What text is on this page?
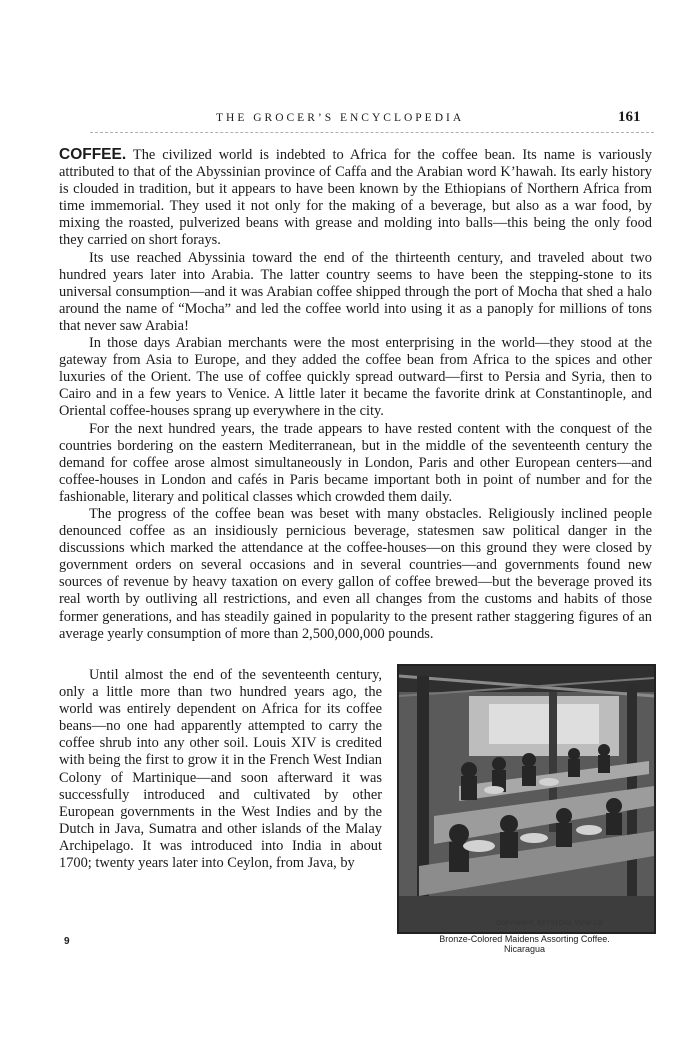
THE GROCER’S ENCYCLOPEDIA	161

COFFEE. The civilized world is indebted to Africa for the coffee bean. Its name is variously attributed to that of the Abyssinian province of Caffa and the Arabian word K’hawah. Its early history is clouded in tradition, but it appears to have been known by the Ethiopians of Northern Africa from time immemorial. They used it not only for the making of a beverage, but also as a war food, by mixing the roasted, pulverized beans with grease and molding into balls—this being the only food they carried on short forays.

Its use reached Abyssinia toward the end of the thirteenth century, and traveled about two hundred years later into Arabia. The latter country seems to have been the stepping-stone to its universal consumption—and it was Arabian coffee shipped through the port of Mocha that shed a halo around the name of “Mocha” and led the coffee world into using it as a panoply for millions of tons that never saw Arabia!

In those days Arabian merchants were the most enterprising in the world—they stood at the gateway from Asia to Europe, and they added the coffee bean from Africa to the spices and other luxuries of the Orient. The use of coffee quickly spread outward—first to Persia and Syria, then to Cairo and in a few years to Venice. A little later it became the favorite drink at Constantinople, and Oriental coffee-houses sprang up everywhere in the city.

For the next hundred years, the trade appears to have rested content with the conquest of the countries bordering on the eastern Mediterranean, but in the middle of the seventeenth century the demand for coffee arose almost simultaneously in London, Paris and other European centers—and coffee-houses in London and cafés in Paris became important both in point of number and for the fashionable, literary and political classes which crowded them daily.

The progress of the coffee bean was beset with many obstacles. Religiously inclined people denounced coffee as an insidiously pernicious beverage, statesmen saw political danger in the discussions which marked the attendance at the coffee-houses—on this ground they were closed by government orders on several occasions and in several countries—and governments found new sources of revenue by heavy taxation on every gallon of coffee brewed—but the beverage proved its real worth by outliving all restrictions, and even all changes from the customs and habits of those former generations, and has steadily gained in popularity to the present rather staggering figures of an average yearly consumption of more than 2,500,000,000 pounds.

Until almost the end of the seventeenth century, only a little more than two hundred years ago, the world was entirely dependent on Africa for its coffee beans—no one had apparently attempted to carry the coffee shrub into any other soil. Louis XIV is credited with being the first to grow it in the French West Indian Colony of Martinique—and soon afterward it was successfully introduced and cultivated by other European governments in the West Indies and by the Dutch in Java, Sumatra and other islands of the Malay Archipelago. It was introduced into India in about 1700; twenty years later into Ceylon, from Java, by

COPYRIGHT, KEYSTONE VIEW CO
Bronze-Colored Maidens Assorting Coffee.
Nicaragua
9
